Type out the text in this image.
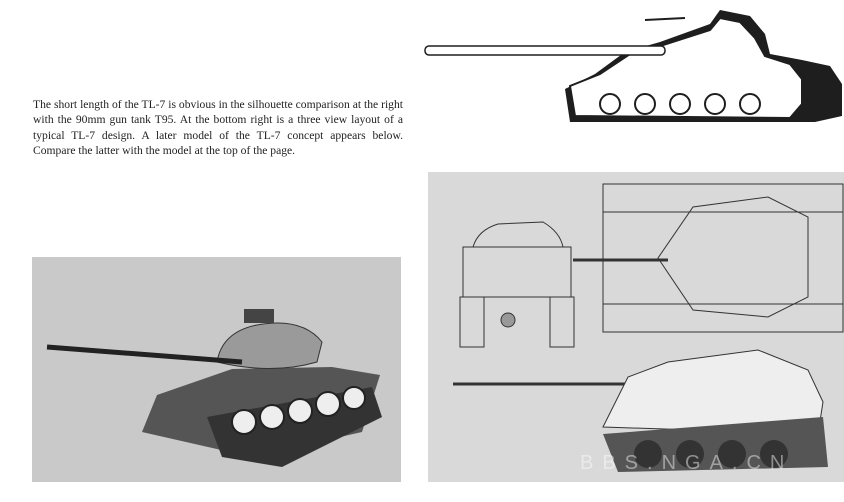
The short length of the TL-7 is obvious in the silhouette comparison at the right with the 90mm gun tank T95. At the bottom right is a three view layout of a typical TL-7 design. A later model of the TL-7 concept appears below. Compare the latter with the model at the top of the page.

BBS.NGA.CN
